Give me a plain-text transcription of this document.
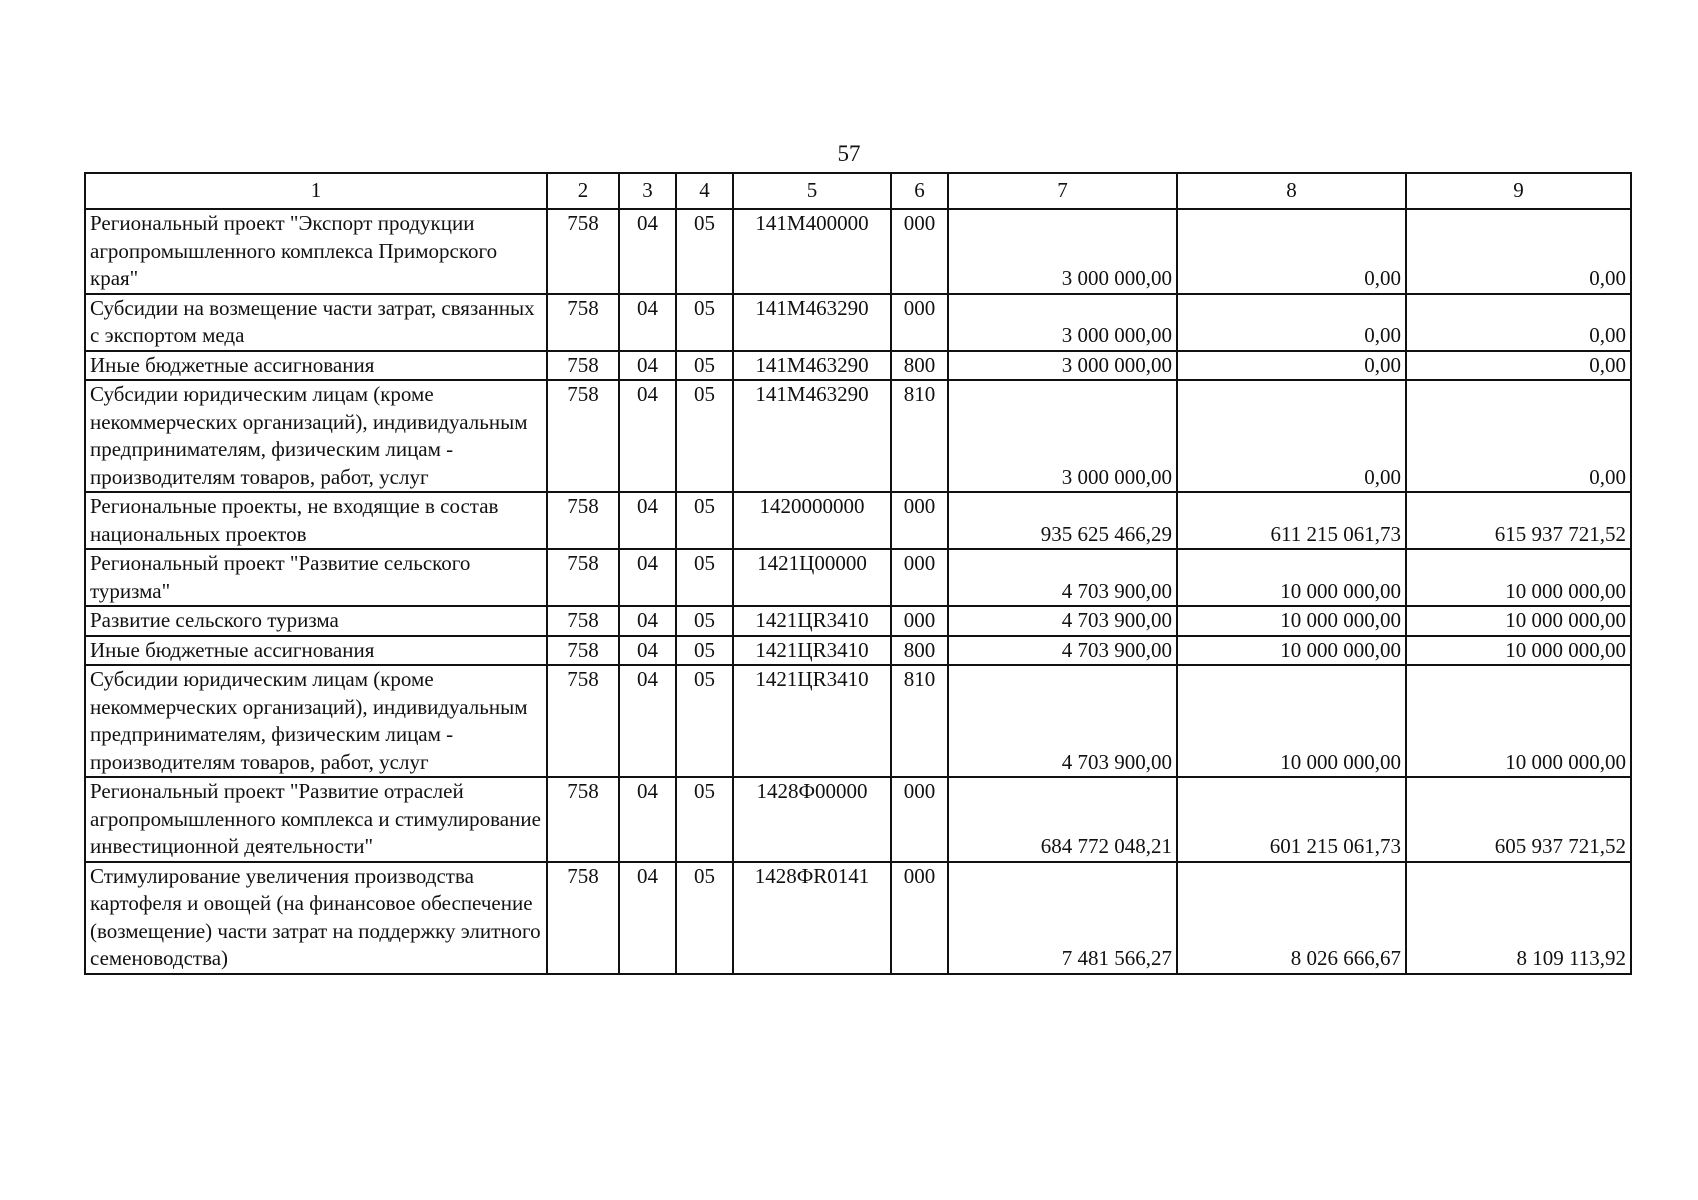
57
1	2	3	4	5	6	7	8	9
Региональный проект "Экспорт продукции агропромышленного комплекса Приморского края"	758	04	05	141M400000	000	3 000 000,00	0,00	0,00
Субсидии на возмещение части затрат, связанных с экспортом меда	758	04	05	141M463290	000	3 000 000,00	0,00	0,00
Иные бюджетные ассигнования	758	04	05	141M463290	800	3 000 000,00	0,00	0,00
Субсидии юридическим лицам (кроме некоммерческих организаций), индивидуальным предпринимателям, физическим лицам - производителям товаров, работ, услуг	758	04	05	141M463290	810	3 000 000,00	0,00	0,00
Региональные проекты, не входящие в состав национальных проектов	758	04	05	1420000000	000	935 625 466,29	611 215 061,73	615 937 721,52
Региональный проект "Развитие сельского туризма"	758	04	05	1421Ц00000	000	4 703 900,00	10 000 000,00	10 000 000,00
Развитие сельского туризма	758	04	05	1421ЦR3410	000	4 703 900,00	10 000 000,00	10 000 000,00
Иные бюджетные ассигнования	758	04	05	1421ЦR3410	800	4 703 900,00	10 000 000,00	10 000 000,00
Субсидии юридическим лицам (кроме некоммерческих организаций), индивидуальным предпринимателям, физическим лицам - производителям товаров, работ, услуг	758	04	05	1421ЦR3410	810	4 703 900,00	10 000 000,00	10 000 000,00
Региональный проект "Развитие отраслей агропромышленного комплекса и стимулирование инвестиционной деятельности"	758	04	05	1428Ф00000	000	684 772 048,21	601 215 061,73	605 937 721,52
Стимулирование увеличения производства картофеля и овощей (на финансовое обеспечение (возмещение) части затрат на поддержку элитного семеноводства)	758	04	05	1428ФR0141	000	7 481 566,27	8 026 666,67	8 109 113,92
